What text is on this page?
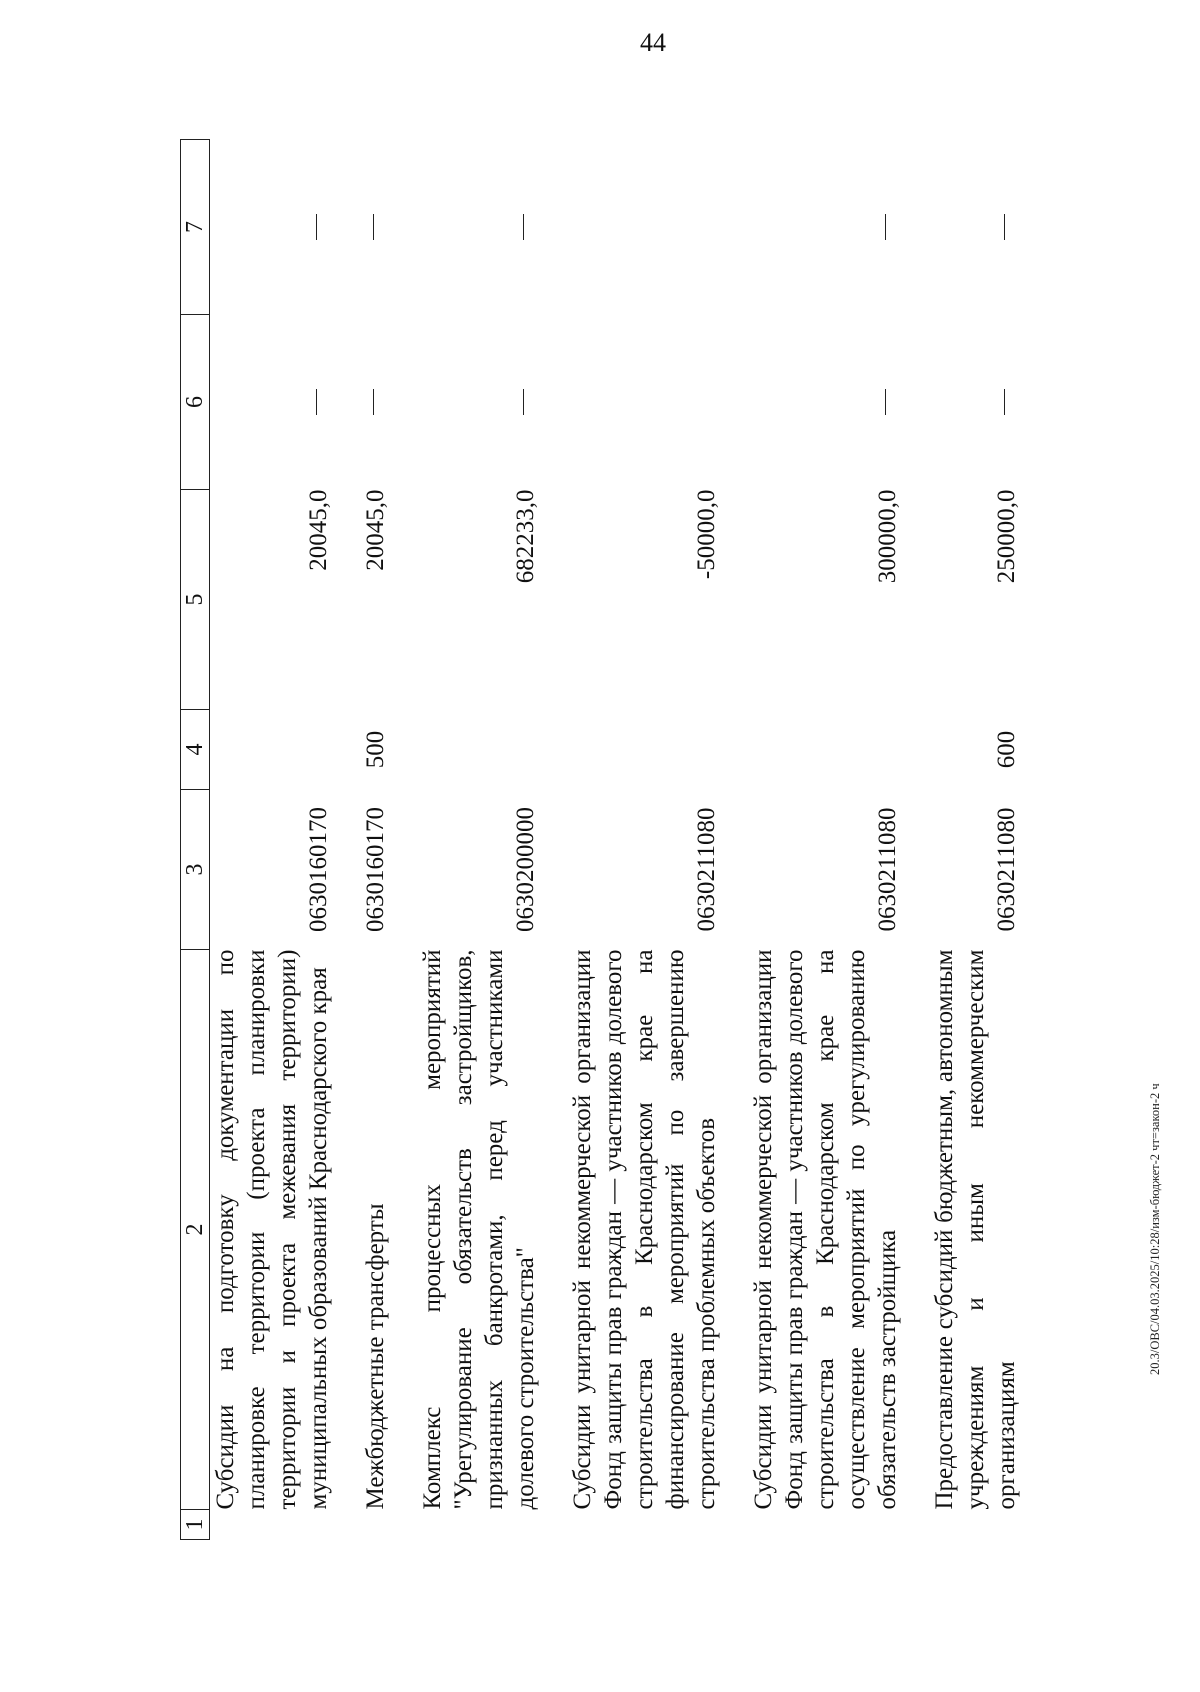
44
1	2	3	4	5	6	7
	Субсидии на подготовку документации по планировке территории (проекта планировки территории и проекта межевания территории) муниципальных образований Краснодарского края	0630160170		20045,0		

	Межбюджетные трансферты	0630160170	500	20045,0		

	Комплекс процессных мероприятий "Урегулирование обязательств застройщиков, признанных банкротами, перед участниками долевого строительства"	0630200000		682233,0		

	Субсидии унитарной некоммерческой организации Фонд защиты прав граждан — участников долевого строительства в Краснодарском крае на финансирование мероприятий по завершению строительства проблемных объектов	0630211080		-50000,0		

	Субсидии унитарной некоммерческой организации Фонд защиты прав граждан — участников долевого строительства в Краснодарском крае на осуществление мероприятий по урегулированию обязательств застройщика	0630211080		300000,0		

	Предоставление субсидий бюджетным, автономным учреждениям и иным некоммерческим организациям	0630211080	600	250000,0		
20.3/ОВС/04.03.2025/10:28/изм-бюджет-2 чт=закон-2 ч
